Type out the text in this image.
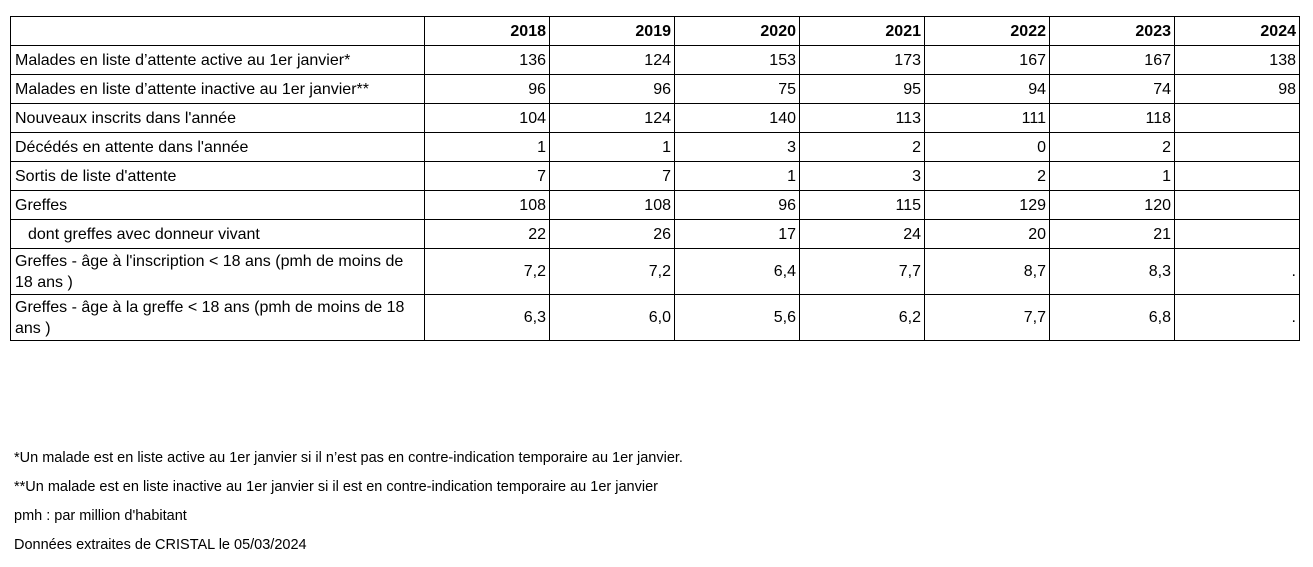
	2018	2019	2020	2021	2022	2023	2024
Malades en liste d’attente active au 1er janvier*	136	124	153	173	167	167	138
Malades en liste d’attente inactive au 1er janvier**	96	96	75	95	94	74	98
Nouveaux inscrits dans l'année	104	124	140	113	111	118	
Décédés en attente dans l'année	1	1	3	2	0	2	
Sortis de liste d'attente	7	7	1	3	2	1	
Greffes	108	108	96	115	129	120	
dont greffes avec donneur vivant	22	26	17	24	20	21	
Greffes - âge à l'inscription < 18 ans (pmh de moins de 18 ans )	7,2	7,2	6,4	7,7	8,7	8,3	.
Greffes - âge à la greffe < 18 ans (pmh de moins de 18 ans )	6,3	6,0	5,6	6,2	7,7	6,8	.
*Un malade est en liste active au 1er janvier si il n’est pas en contre-indication temporaire au 1er janvier.
**Un malade est en liste inactive au 1er janvier si il est en contre-indication temporaire au 1er janvier
pmh : par million d'habitant
Données extraites de CRISTAL le 05/03/2024
